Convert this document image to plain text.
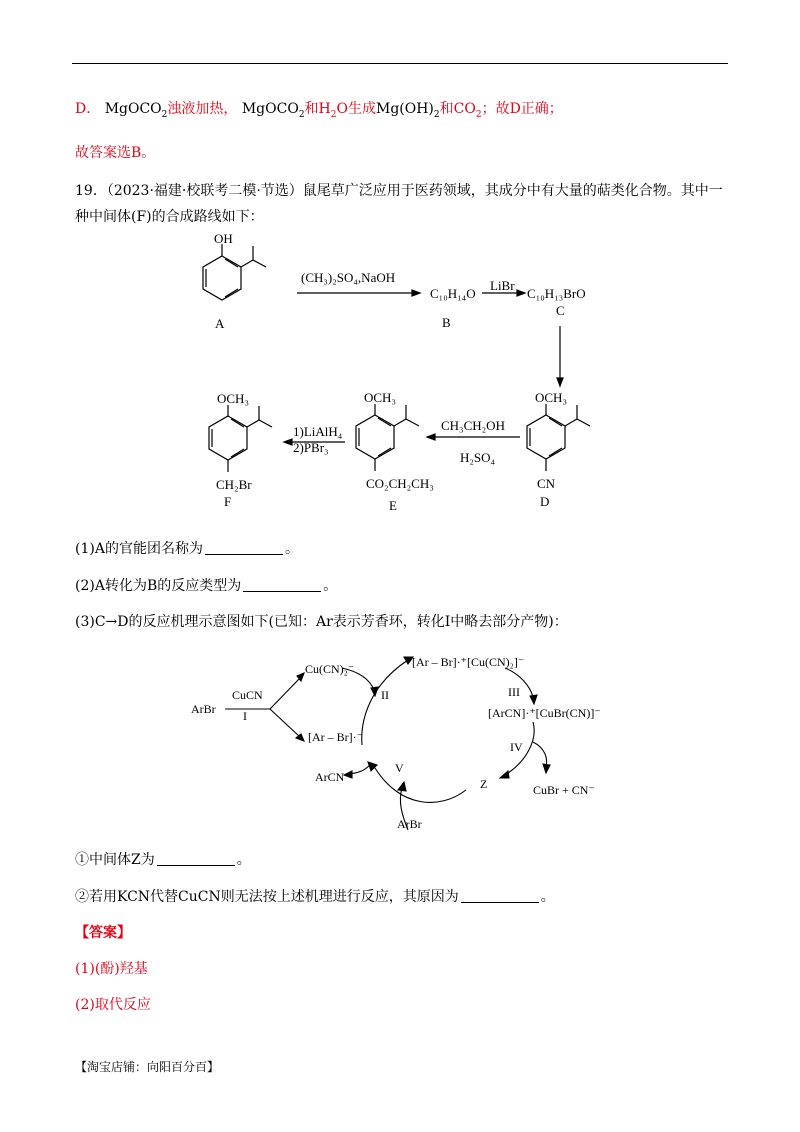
D． MgOCO$_2$浊液加热， MgOCO$_2$和$H_2O$生成$Mg(OH)_2$和$CO_2$；故D正确；
故答案选B。
19．（2023·福建·校联考二模·节选）鼠尾草广泛应用于医药领域，其成分中有大量的萜类化合物。其中一
种中间体(F)的合成路线如下：
OH
A
(CH₃)₂SO₄,NaOH
C₁₀H₁₄O
B
LiBr
C₁₀H₁₃BrO
C
OCH₃
CN
D
CH₃CH₂OH
H₂SO₄
OCH₃
CO₂CH₂CH₃
E
1)LiAlH₄
2)PBr₃
OCH₃
CH₂Br
F
(1)A的官能团名称为	。
(2)A转化为B的反应类型为	。
(3)C→D的反应机理示意图如下(已知：Ar表示芳香环，转化Ⅰ中略去部分产物)：
ArBr
CuCN
I
Cu(CN)₂⁻
[Ar – Br]·⁻
II
[Ar – Br]·⁺[Cu(CN)₂]⁻
III
[ArCN]·⁺[CuBr(CN)]⁻
IV
CuBr + CN⁻
Z
V
ArCN
ArBr
①中间体Z为	。
②若用KCN代替CuCN则无法按上述机理进行反应，其原因为	。
【答案】
(1)(酚)羟基
(2)取代反应
【淘宝店铺：向阳百分百】
